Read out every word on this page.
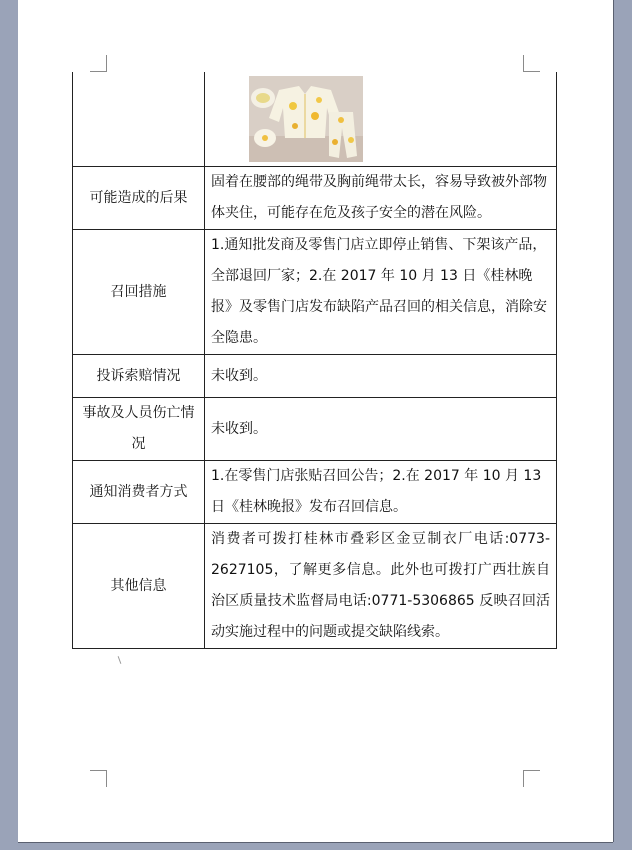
可能造成的后果	固着在腰部的绳带及胸前绳带太长，容易导致被外部物体夹住，可能存在危及孩子安全的潜在风险。
召回措施	1.通知批发商及零售门店立即停止销售、下架该产品，全部退回厂家；2.在 2017 年 10 月 13 日《桂林晚报》及零售门店发布缺陷产品召回的相关信息，消除安全隐患。
投诉索赔情况	未收到。
事故及人员伤亡情况	未收到。
通知消费者方式	1.在零售门店张贴召回公告；2.在 2017 年 10 月 13 日《桂林晚报》发布召回信息。
其他信息	消费者可拨打桂林市叠彩区金豆制衣厂电话:0773-2627105，了解更多信息。此外也可拨打广西壮族自治区质量技术监督局电话:0771-5306865 反映召回活动实施过程中的问题或提交缺陷线索。
